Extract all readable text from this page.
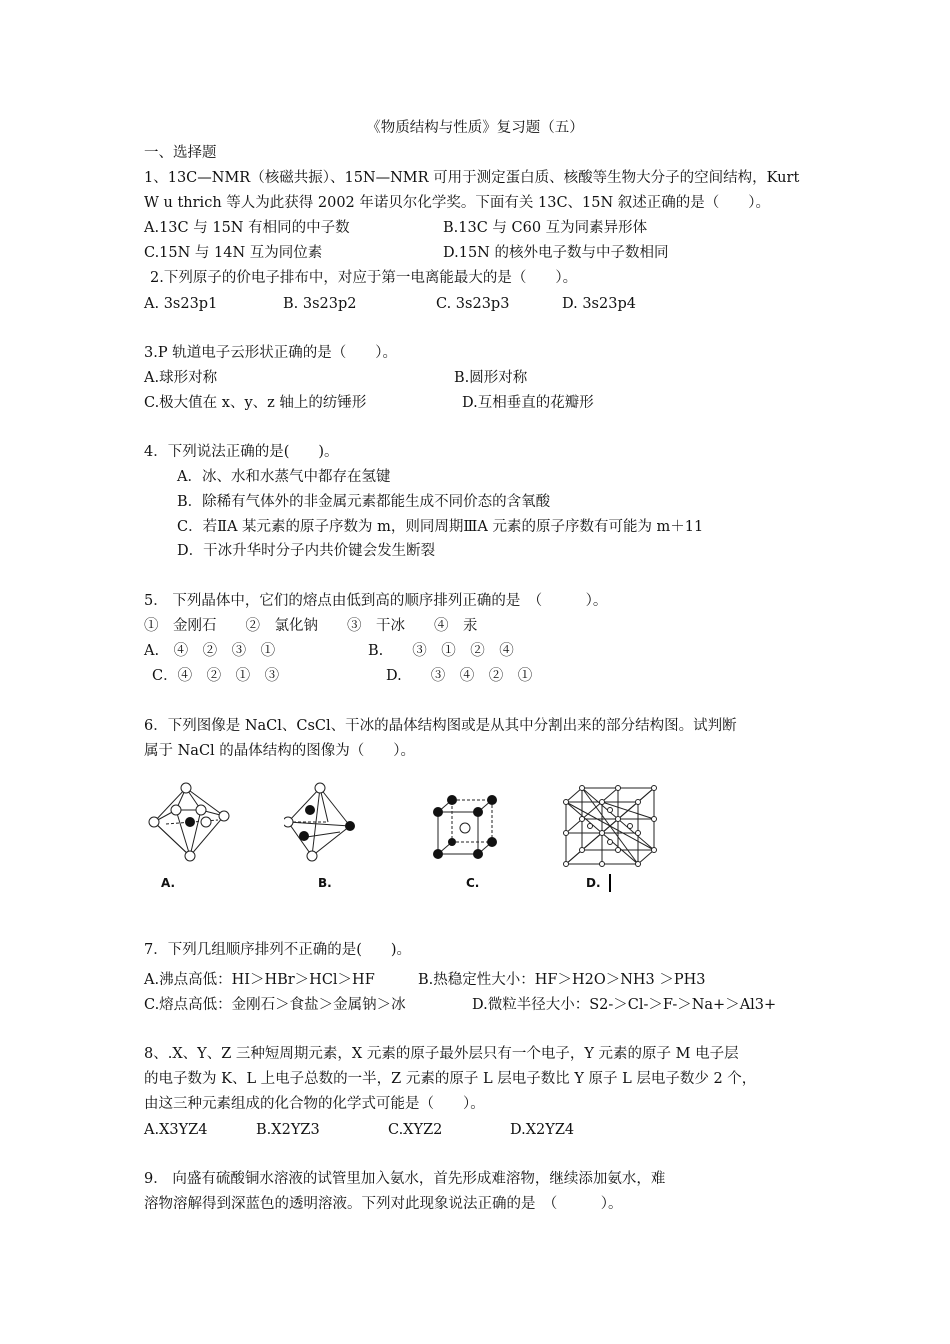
《物质结构与性质》复习题（五）
一、选择题
1、13C—NMR（核磁共振）、15N—NMR 可用于测定蛋白质、核酸等生物大分子的空间结构，Kurt
W u thrich 等人为此获得 2002 年诺贝尔化学奖。下面有关 13C、15N 叙述正确的是（　　）。
A.13C 与 15N 有相同的中子数	B.13C 与 C60 互为同素异形体
C.15N 与 14N 互为同位素	D.15N 的核外电子数与中子数相同
2.下列原子的价电子排布中，对应于第一电离能最大的是（　　）。
A. 3s23p1	B. 3s23p2	C. 3s23p3	D. 3s23p4
3.P 轨道电子云形状正确的是（　　）。
A.球形对称	B.圆形对称
C.极大值在 x、y、z 轴上的纺锤形	D.互相垂直的花瓣形
4．下列说法正确的是(　　)。
A．冰、水和水蒸气中都存在氢键
B．除稀有气体外的非金属元素都能生成不同价态的含氧酸
C．若ⅡA 某元素的原子序数为 m，则同周期ⅢA 元素的原子序数有可能为 m＋11
D．干冰升华时分子内共价键会发生断裂
5． 下列晶体中，它们的熔点由低到高的顺序排列正确的是　（　　　）。
①　金刚石　　②　氯化钠　　③　干冰　　④　汞
A.　④　②　③　①	B.　　③　①　②　④
C．④　②　①　③	D.　　③　④　②　①
6．下列图像是 NaCl、CsCl、干冰的晶体结构图或是从其中分割出来的部分结构图。试判断
属于 NaCl 的晶体结构的图像为（　　）。
A.	B.	C.	D.
7．下列几组顺序排列不正确的是(　　)。
A.沸点高低：HI＞HBr＞HCl＞HF	B.热稳定性大小：HF＞H2O＞NH3 ＞PH3
C.熔点高低：金刚石＞食盐＞金属钠＞冰	D.微粒半径大小：S2-＞Cl-＞F-＞Na+＞Al3+
8、.X、Y、Z 三种短周期元素，X 元素的原子最外层只有一个电子，Y 元素的原子 M 电子层
的电子数为 K、L 上电子总数的一半，Z 元素的原子 L 层电子数比 Y 原子 L 层电子数少 2 个，
由这三种元素组成的化合物的化学式可能是（　　）。
A.X3YZ4	B.X2YZ3	C.XYZ2	D.X2YZ4
9． 向盛有硫酸铜水溶液的试管里加入氨水，首先形成难溶物，继续添加氨水，难
溶物溶解得到深蓝色的透明溶液。下列对此现象说法正确的是　（　　　）。
